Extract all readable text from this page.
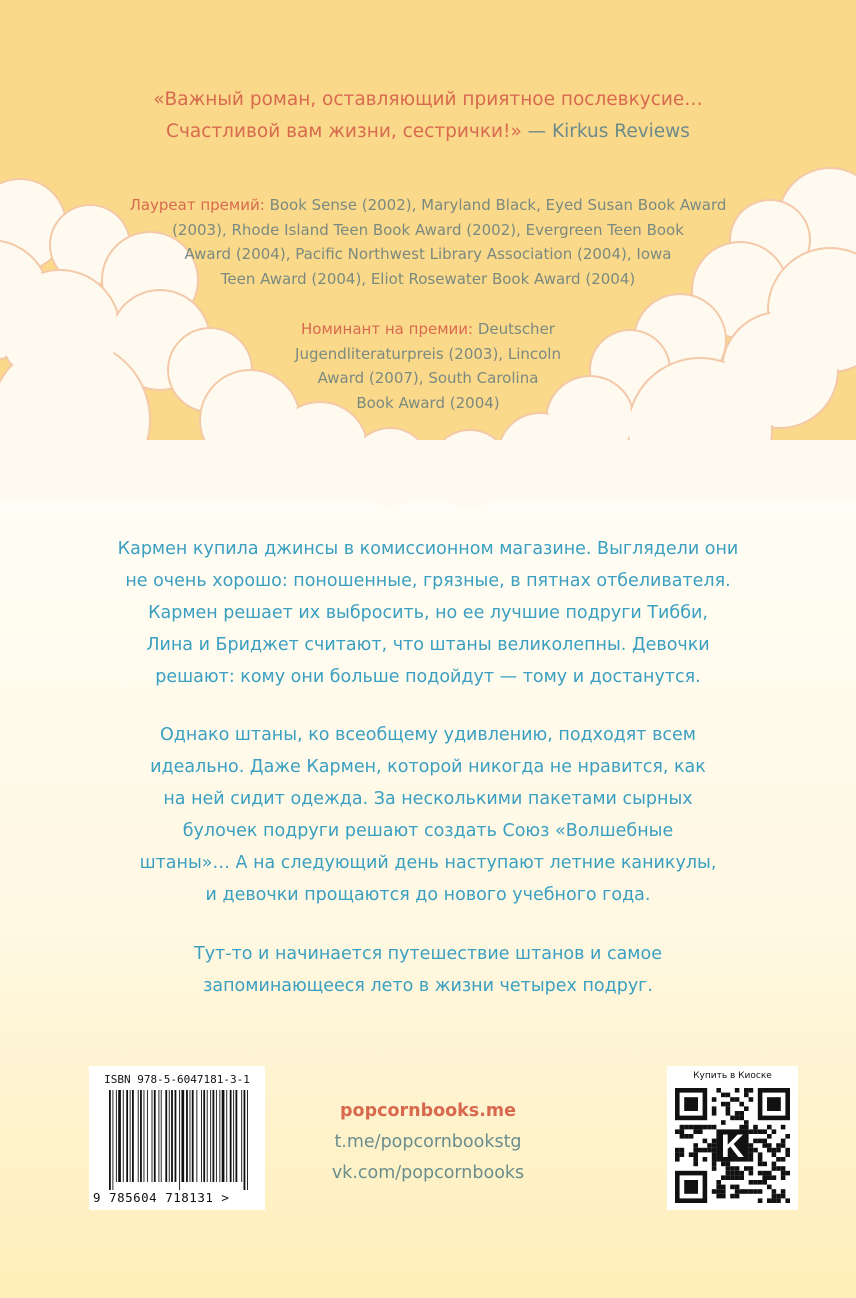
«Важный роман, оставляющий приятное послевкусие…
Счастливой вам жизни, сестрички!» — Kirkus Reviews
Лауреат премий: Book Sense (2002), Maryland Black, Eyed Susan Book Award
(2003), Rhode Island Teen Book Award (2002), Evergreen Teen Book
Award (2004), Pacific Northwest Library Association (2004), Iowa
Teen Award (2004), Eliot Rosewater Book Award (2004)
Номинант на премии: Deutscher
Jugendliteraturpreis (2003), Lincoln
Award (2007), South Carolina
Book Award (2004)
Кармен купила джинсы в комиссионном магазине. Выглядели они
не очень хорошо: поношенные, грязные, в пятнах отбеливателя.
Кармен решает их выбросить, но ее лучшие подруги Тибби,
Лина и Бриджет считают, что штаны великолепны. Девочки
решают: кому они больше подойдут — тому и достанутся.
Однако штаны, ко всеобщему удивлению, подходят всем
идеально. Даже Кармен, которой никогда не нравится, как
на ней сидит одежда. За несколькими пакетами сырных
булочек подруги решают создать Союз «Волшебные
штаны»… А на следующий день наступают летние каникулы,
и девочки прощаются до нового учебного года.
Тут-то и начинается путешествие штанов и самое
запоминающееся лето в жизни четырех подруг.
ISBN 978-5-6047181-3-1
9 785604 718131 >
popcornbooks.me
t.me/popcornbookstg
vk.com/popcornbooks
Купить в Киоске
K
